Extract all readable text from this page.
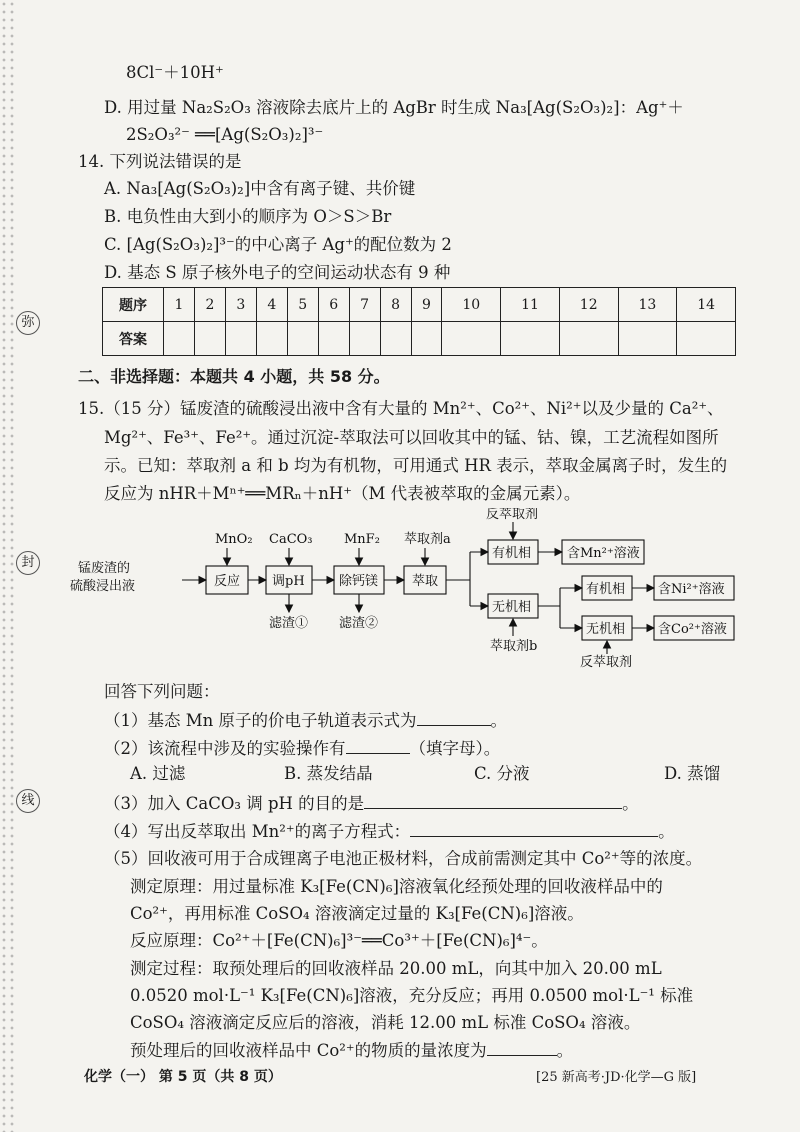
弥
封
线
8Cl⁻＋10H⁺
D. 用过量 Na₂S₂O₃ 溶液除去底片上的 AgBr 时生成 Na₃[Ag(S₂O₃)₂]：Ag⁺＋
2S₂O₃²⁻ ══[Ag(S₂O₃)₂]³⁻
14. 下列说法错误的是
A. Na₃[Ag(S₂O₃)₂]中含有离子键、共价键
B. 电负性由大到小的顺序为 O＞S＞Br
C. [Ag(S₂O₃)₂]³⁻的中心离子 Ag⁺的配位数为 2
D. 基态 S 原子核外电子的空间运动状态有 9 种
题序	1	2	3	4	5	6	7	8	9	10	11	12	13	14
答案														
二、非选择题：本题共 4 小题，共 58 分。
15.（15 分）锰废渣的硫酸浸出液中含有大量的 Mn²⁺、Co²⁺、Ni²⁺以及少量的 Ca²⁺、
Mg²⁺、Fe³⁺、Fe²⁺。通过沉淀-萃取法可以回收其中的锰、钴、镍，工艺流程如图所
示。已知：萃取剂 a 和 b 均为有机物，可用通式 HR 表示，萃取金属离子时，发生的
反应为 nHR＋Mⁿ⁺══MRₙ＋nH⁺（M 代表被萃取的金属元素）。
锰废渣的
硫酸浸出液
MnO₂
反应
CaCO₃
调pH
滤渣①
MnF₂
除钙镁
滤渣②
萃取剂a
萃取
反萃取剂
有机相	含Mn²⁺溶液
无机相
萃取剂b
有机相	含Ni²⁺溶液
无机相	含Co²⁺溶液
反萃取剂
回答下列问题：
（1）基态 Mn 原子的价电子轨道表示式为	。
（2）该流程中涉及的实验操作有	（填字母）。
A. 过滤	B. 蒸发结晶	C. 分液	D. 蒸馏
（3）加入 CaCO₃ 调 pH 的目的是	。
（4）写出反萃取出 Mn²⁺的离子方程式：	。
（5）回收液可用于合成锂离子电池正极材料，合成前需测定其中 Co²⁺等的浓度。
测定原理：用过量标准 K₃[Fe(CN)₆]溶液氧化经预处理的回收液样品中的
Co²⁺，再用标准 CoSO₄ 溶液滴定过量的 K₃[Fe(CN)₆]溶液。
反应原理：Co²⁺＋[Fe(CN)₆]³⁻══Co³⁺＋[Fe(CN)₆]⁴⁻。
测定过程：取预处理后的回收液样品 20.00 mL，向其中加入 20.00 mL
0.0520 mol·L⁻¹ K₃[Fe(CN)₆]溶液，充分反应；再用 0.0500 mol·L⁻¹ 标准
CoSO₄ 溶液滴定反应后的溶液，消耗 12.00 mL 标准 CoSO₄ 溶液。
预处理后的回收液样品中 Co²⁺的物质的量浓度为	。
化学（一） 第 5 页（共 8 页）	[25 新高考·JD·化学—G 版]
